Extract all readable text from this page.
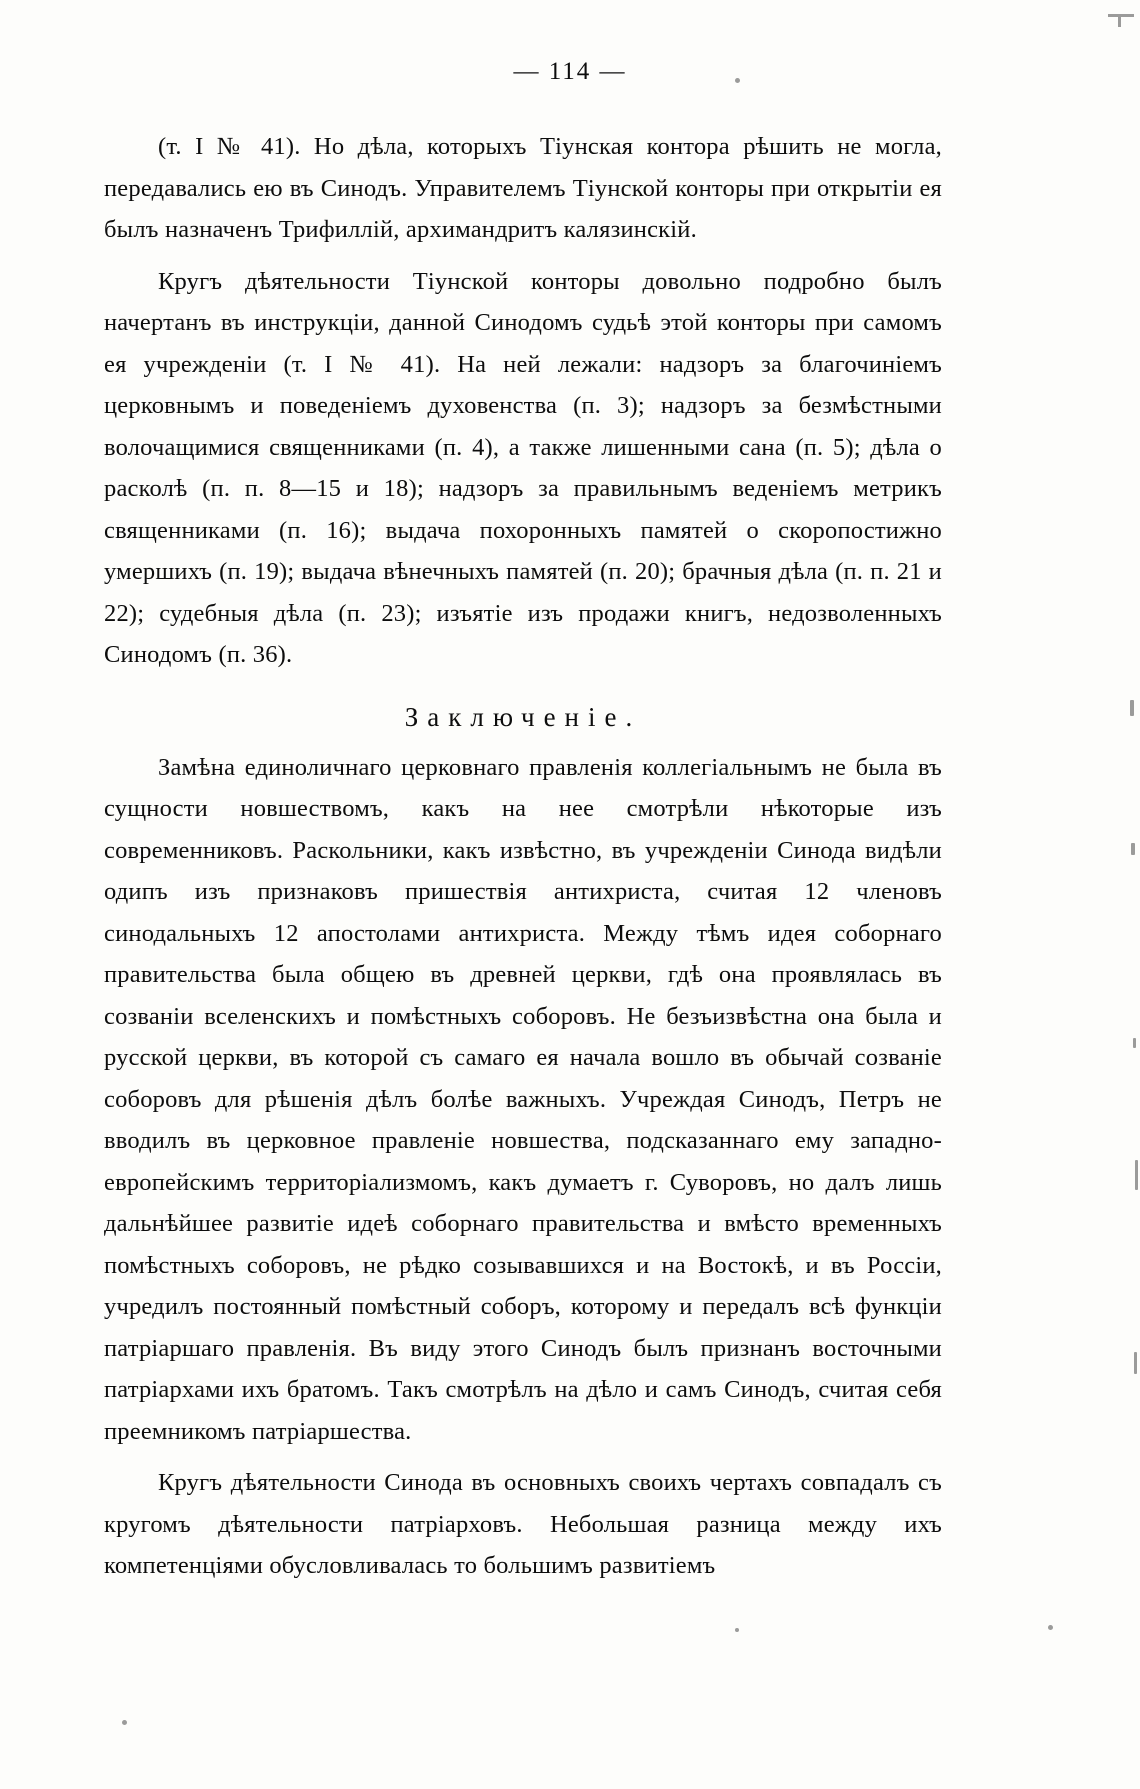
— 114 —

(т. I № 41). Но дѣла, которыхъ Тiунская контора рѣшить не могла, передавались ею въ Синодъ. Управителемъ Тiунской конторы при открытiи ея былъ назначенъ Трифиллiй, архимандритъ калязинскiй.

Кругъ дѣятельности Тiунской конторы довольно подробно былъ начертанъ въ инструкцiи, данной Синодомъ судьѣ этой конторы при самомъ ея учрежденiи (т. I № 41). На ней лежали: надзоръ за благочинiемъ церковнымъ и поведенiемъ духовенства (п. 3); надзоръ за безмѣстными волочащимися священниками (п. 4), а также лишенными сана (п. 5); дѣла о расколѣ (п. п. 8—15 и 18); надзоръ за правильнымъ веденiемъ метрикъ священниками (п. 16); выдача похоронныхъ памятей о скоропостижно умершихъ (п. 19); выдача вѣнечныхъ памятей (п. 20); брачныя дѣла (п. п. 21 и 22); судебныя дѣла (п. 23); изъятiе изъ продажи книгъ, недозволенныхъ Синодомъ (п. 36).

Заключенiе.

Замѣна единоличнаго церковнаго правленiя коллегiальнымъ не была въ сущности новшествомъ, какъ на нее смотрѣли нѣкоторые изъ современниковъ. Раскольники, какъ извѣстно, въ учрежденiи Синода видѣли одипъ изъ признаковъ пришествiя антихриста, считая 12 членовъ синодальныхъ 12 апостолами антихриста. Между тѣмъ идея соборнаго правительства была общею въ древней церкви, гдѣ она проявлялась въ созванiи вселенскихъ и помѣстныхъ соборовъ. Не безъизвѣстна она была и русской церкви, въ которой съ самаго ея начала вошло въ обычай созванiе соборовъ для рѣшенiя дѣлъ болѣе важныхъ. Учреждая Синодъ, Петръ не вводилъ въ церковное правленiе новшества, подсказаннаго ему западно-европейскимъ территорiализмомъ, какъ думаетъ г. Суворовъ, но далъ лишь дальнѣйшее развитiе идеѣ соборнаго правительства и вмѣсто временныхъ помѣстныхъ соборовъ, не рѣдко созывавшихся и на Востокѣ, и въ Россiи, учредилъ постоянный помѣстный соборъ, которому и передалъ всѣ функцiи патрiаршаго правленiя. Въ виду этого Синодъ былъ признанъ восточными патрiархами ихъ братомъ. Такъ смотрѣлъ на дѣло и самъ Синодъ, считая себя преемникомъ патрiаршества.

Кругъ дѣятельности Синода въ основныхъ своихъ чертахъ совпадалъ съ кругомъ дѣятельности патрiарховъ. Небольшая разница между ихъ компетенцiями обусловливалась то большимъ развитiемъ
